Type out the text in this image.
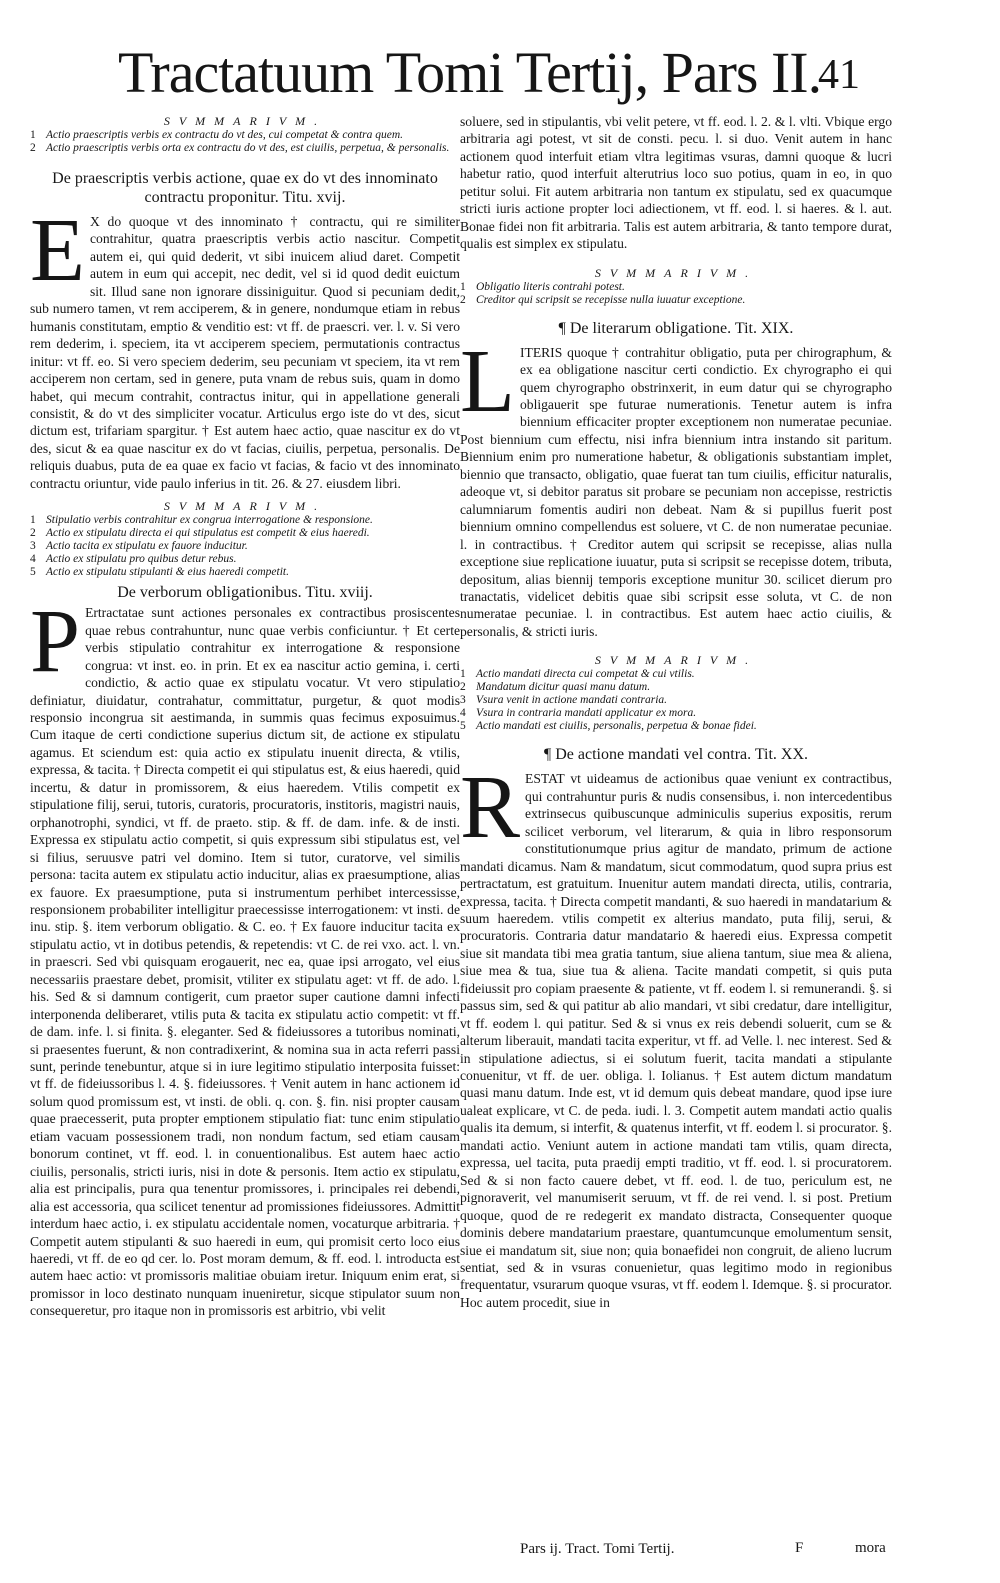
Tractatuum Tomi Tertij, Pars II.
41

SVMMARIVM.

1 Actio praescriptis verbis ex contractu do vt des, cui competat & contra quem.
2 Actio praescriptis verbis orta ex contractu do vt des, est ciuilis, perpetua, & personalis.

De praescriptis verbis actione, quae ex do vt des innominato contractu proponitur. Titu. xvij.

E X do quoque vt des innominato † contractu, qui re similiter contrahitur, quatra praescriptis verbis actio nascitur. Competit autem ei, qui quid dederit, vt sibi inuicem aliud daret. Competit autem in eum qui accepit, nec dedit, vel si id quod dedit euictum sit. Illud sane non ignorare dissiniguitur. Quod si pecuniam dedit, sub numero tamen, vt rem acciperem, & in genere, nondumque etiam in rebus humanis constitutam, emptio & venditio est: vt ff. de praescri. ver. l. v. Si vero rem dederim, i. speciem, ita vt acciperem speciem, permutationis contractus initur: vt ff. eo. Si vero speciem dederim, seu pecuniam vt speciem, ita vt rem acciperem non certam, sed in genere, puta vnam de rebus suis, quam in domo habet, qui mecum contrahit, contractus initur, qui in appellatione generali consistit, & do vt des simpliciter vocatur. Articulus ergo iste do vt des, sicut dictum est, trifariam spargitur. † Est autem haec actio, quae nascitur ex do vt des, sicut & ea quae nascitur ex do vt facias, ciuilis, perpetua, personalis. De reliquis duabus, puta de ea quae ex facio vt facias, & facio vt des innominato contractu oriuntur, vide paulo inferius in tit. 26. & 27. eiusdem libri.

SVMMARIVM.

1 Stipulatio verbis contrahitur ex congrua interrogatione & responsione.
2 Actio ex stipulatu directa ei qui stipulatus est competit & eius haeredi.
3 Actio tacita ex stipulatu ex fauore inducitur.
4 Actio ex stipulatu pro quibus detur rebus.
5 Actio ex stipulatu stipulanti & eius haeredi competit.

De verborum obligationibus. Titu. xviij.

P Ertractatae sunt actiones personales ex contractibus prosiscentes quae rebus contrahuntur, nunc quae verbis conficiuntur. † Et certe verbis stipulatio contrahitur ex interrogatione & responsione congrua: vt inst. eo. in prin. Et ex ea nascitur actio gemina, i. certi condictio, & actio quae ex stipulatu vocatur. Vt vero stipulatio definiatur, diuidatur, contrahatur, committatur, purgetur, & quot modis responsio incongrua sit aestimanda, in summis quas fecimus exposuimus. Cum itaque de certi condictione superius dictum sit, de actione ex stipulatu agamus. Et sciendum est: quia actio ex stipulatu inuenit directa, & vtilis, expressa, & tacita. † Directa competit ei qui stipulatus est, & eius haeredi, quid incertu, & datur in promissorem, & eius haeredem. Vtilis competit ex stipulatione filij, serui, tutoris, curatoris, procuratoris, institoris, magistri nauis, orphanotrophi, syndici, vt ff. de praeto. stip. & ff. de dam. infe. & de insti. Expressa ex stipulatu actio competit, si quis expressum sibi stipulatus est, vel si filius, seruusve patri vel domino. Item si tutor, curatorve, vel similis persona: tacita autem ex stipulatu actio inducitur, alias ex praesumptione, alias ex fauore. Ex praesumptione, puta si instrumentum perhibet intercessisse, responsionem probabiliter intelligitur praecessisse interrogationem: vt insti. de inu. stip. §. item verborum obligatio. & C. eo. † Ex fauore inducitur tacita ex stipulatu actio, vt in dotibus petendis, & repetendis: vt C. de rei vxo. act. l. vn. in praescri. Sed vbi quisquam erogauerit, nec ea, quae ipsi arrogato, vel eius necessariis praestare debet, promisit, vtiliter ex stipulatu aget: vt ff. de ado. l. his. Sed & si damnum contigerit, cum praetor super cautione damni infecti interponenda deliberaret, vtilis puta & tacita ex stipulatu actio competit: vt ff. de dam. infe. l. si finita. §. eleganter. Sed & fideiussores a tutoribus nominati, si praesentes fuerunt, & non contradixerint, & nomina sua in acta referri passi sunt, perinde tenebuntur, atque si in iure legitimo stipulatio interposita fuisset: vt ff. de fideiussoribus l. 4. §. fideiussores. † Venit autem in hanc actionem id solum quod promissum est, vt insti. de obli. q. con. §. fin. nisi propter causam quae praecesserit, puta propter emptionem stipulatio fiat: tunc enim stipulatio etiam vacuam possessionem tradi, non nondum factum, sed etiam causam bonorum continet, vt ff. eod. l. in conuentionalibus. Est autem haec actio ciuilis, personalis, stricti iuris, nisi in dote & personis. Item actio ex stipulatu, alia est principalis, pura qua tenentur promissores, i. principales rei debendi, alia est accessoria, qua scilicet tenentur ad promissiones fideiussores. Admittit interdum haec actio, i. ex stipulatu accidentale nomen, vocaturque arbitraria. † Competit autem stipulanti & suo haeredi in eum, qui promisit certo loco eius haeredi, vt ff. de eo qd cer. lo. Post moram demum, & ff. eod. l. introducta est autem haec actio: vt promissoris malitiae obuiam iretur. Iniquum enim erat, si promissor in loco destinato nunquam inueniretur, sicque stipulator suum non consequeretur, pro itaque non in promissoris est arbitrio, vbi velit

soluere, sed in stipulantis, vbi velit petere, vt ff. eod. l. 2. & l. vlti. Vbique ergo arbitraria agi potest, vt sit de consti. pecu. l. si duo. Venit autem in hanc actionem quod interfuit etiam vltra legitimas vsuras, damni quoque & lucri habetur ratio, quod interfuit alterutrius loco suo potius, quam in eo, in quo petitur solui. Fit autem arbitraria non tantum ex stipulatu, sed ex quacumque stricti iuris actione propter loci adiectionem, vt ff. eod. l. si haeres. & l. aut. Bonae fidei non fit arbitraria. Talis est autem arbitraria, & tanto tempore durat, qualis est simplex ex stipulatu.

SVMMARIVM.

1 Obligatio literis contrahi potest.
2 Creditor qui scripsit se recepisse nulla iuuatur exceptione.

¶ De literarum obligatione. Tit. XIX.

LITERIS quoque † contrahitur obligatio, puta per chirographum, & ex ea obligatione nascitur certi condictio. Ex chyrographo ei qui quem chyrographo obstrinxerit, in eum datur qui se chyrographo obligauerit spe futurae numerationis. Tenetur autem is infra biennium efficaciter propter exceptionem non numeratae pecuniae. Post biennium cum effectu, nisi infra biennium intra instando sit paritum. Biennium enim pro numeratione habetur, & obligationis substantiam implet, biennio que transacto, obligatio, quae fuerat tan tum ciuilis, efficitur naturalis, adeoque vt, si debitor paratus sit probare se pecuniam non accepisse, restrictis calumniarum fomentis audiri non debeat. Nam & si pupillus fuerit post biennium omnino compellendus est soluere, vt C. de non numeratae pecuniae. l. in contractibus. † Creditor autem qui scripsit se recepisse, alias nulla exceptione siue replicatione iuuatur, puta si scripsit se recepisse dotem, tributa, depositum, alias biennij temporis exceptione munitur 30. scilicet dierum pro tranactatis, videlicet debitis quae sibi scripsit esse soluta, vt C. de non numeratae pecuniae. l. in contractibus. Est autem haec actio ciuilis, & personalis, & stricti iuris.

SVMMARIVM.

1 Actio mandati directa cui competat & cui vtilis.
2 Mandatum dicitur quasi manu datum.
3 Vsura venit in actione mandati contraria.
4 Vsura in contraria mandati applicatur ex mora.
5 Actio mandati est ciuilis, personalis, perpetua & bonae fidei.

¶ De actione mandati vel contra. Tit. XX.

RESTAT vt uideamus de actionibus quae veniunt ex contractibus, qui contrahuntur puris & nudis consensibus, i. non intercedentibus extrinsecus quibuscunque adminiculis superius expositis, rerum scilicet verborum, vel literarum, & quia in libro responsorum constitutionumque prius agitur de mandato, primum de actione mandati dicamus. Nam & mandatum, sicut commodatum, quod supra prius est pertractatum, est gratuitum. Inuenitur autem mandati directa, utilis, contraria, expressa, tacita. † Directa competit mandanti, & suo haeredi in mandatarium & suum haeredem. vtilis competit ex alterius mandato, puta filij, serui, & procuratoris. Contraria datur mandatario & haeredi eius. Expressa competit siue sit mandata tibi mea gratia tantum, siue aliena tantum, siue mea & aliena, siue mea & tua, siue tua & aliena. Tacite mandati competit, si quis puta fideiussit pro copiam praesente & patiente, vt ff. eodem l. si remunerandi. §. si passus sim, sed & qui patitur ab alio mandari, vt sibi credatur, dare intelligitur, vt ff. eodem l. qui patitur. Sed & si vnus ex reis debendi soluerit, cum se & alterum liberauit, mandati tacita experitur, vt ff. ad Velle. l. nec interest. Sed & in stipulatione adiectus, si ei solutum fuerit, tacita mandati a stipulante conuenitur, vt ff. de uer. obliga. l. Iolianus. † Est autem dictum mandatum quasi manu datum. Inde est, vt id demum quis debeat mandare, quod ipse iure ualeat explicare, vt C. de peda. iudi. l. 3. Competit autem mandati actio qualis qualis ita demum, si interfit, & quatenus interfit, vt ff. eodem l. si procurator. §. mandati actio. Veniunt autem in actione mandati tam vtilis, quam directa, expressa, uel tacita, puta praedij empti traditio, vt ff. eod. l. si procuratorem. Sed & si non facto cauere debet, vt ff. eod. l. de tuo, periculum est, ne pignoraverit, vel manumiserit seruum, vt ff. de rei vend. l. si post. Pretium quoque, quod de re redegerit ex mandato distracta, Consequenter quoque dominis debere mandatarium praestare, quantumcunque emolumentum sensit, siue ei mandatum sit, siue non; quia bonaefidei non congruit, de alieno lucrum sentiat, sed & in vsuras conuenietur, quas legitimo modo in regionibus frequentatur, vsurarum quoque vsuras, vt ff. eodem l. Idemque. §. si procurator. Hoc autem procedit, siue in

Pars ij. Tract. Tomi Tertij.	F	mora
